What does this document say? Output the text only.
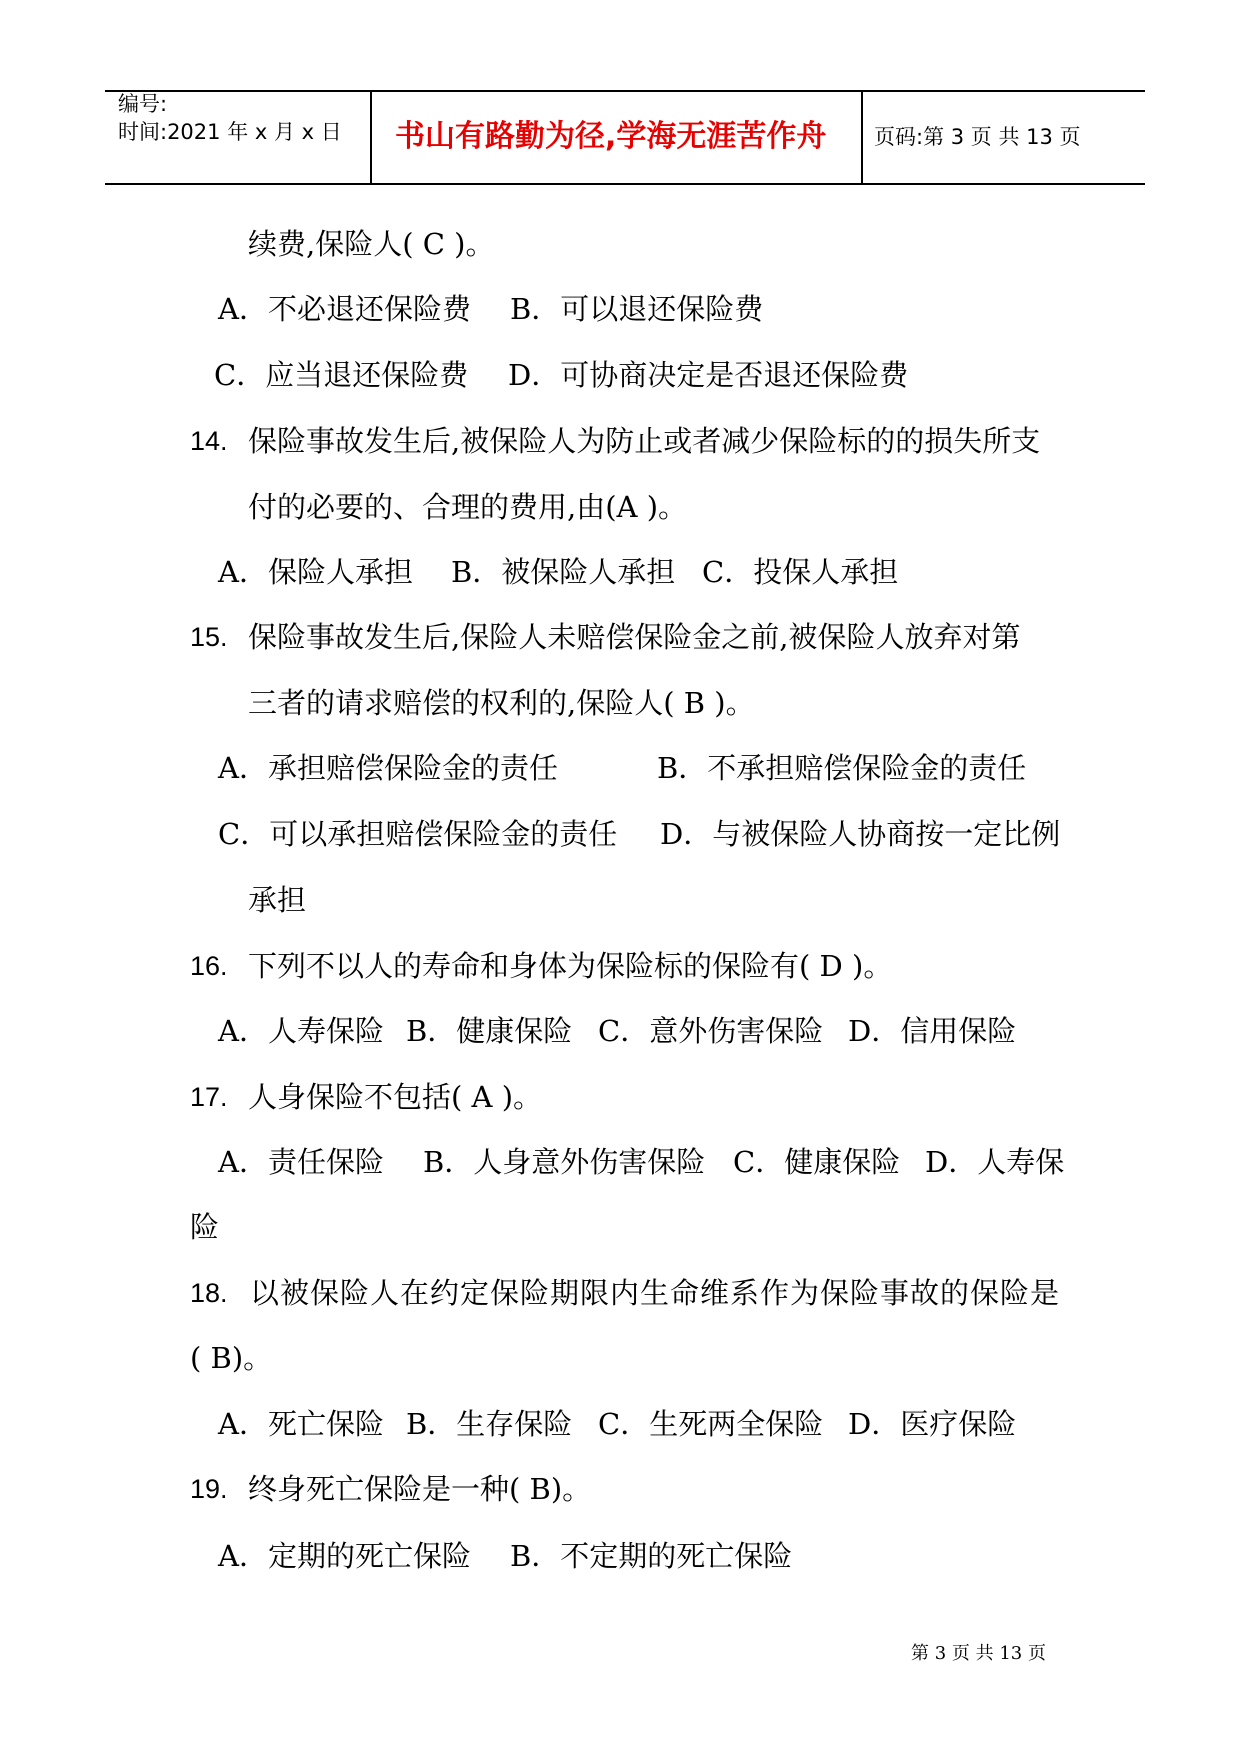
编号:
时间:2021 年 x 月 x 日 书山有路勤为径,学海无涯苦作舟 页码:第 3 页 共 13 页
续费,保险人( C )。
A．不必退还保险费 B．可以退还保险费
C．应当退还保险费 D．可协商决定是否退还保险费
14. 保险事故发生后,被保险人为防止或者减少保险标的的损失所支
付的必要的、合理的费用,由(A )。
A．保险人承担 B．被保险人承担 C．投保人承担
15. 保险事故发生后,保险人未赔偿保险金之前,被保险人放弃对第
三者的请求赔偿的权利的,保险人( B )。
A．承担赔偿保险金的责任	B．不承担赔偿保险金的责任
C．可以承担赔偿保险金的责任 D．与被保险人协商按一定比例
承担
16. 下列不以人的寿命和身体为保险标的保险有( D )。
A．人寿保险 B．健康保险 C．意外伤害保险 D．信用保险
17. 人身保险不包括( A )。
A．责任保险 B．人身意外伤害保险 C．健康保险 D．人寿保
险
18. 以被保险人在约定保险期限内生命维系作为保险事故的保险是
( B)。
A．死亡保险 B．生存保险 C．生死两全保险 D．医疗保险
19. 终身死亡保险是一种( B)。
A．定期的死亡保险 B．不定期的死亡保险
第 3 页 共 13 页
